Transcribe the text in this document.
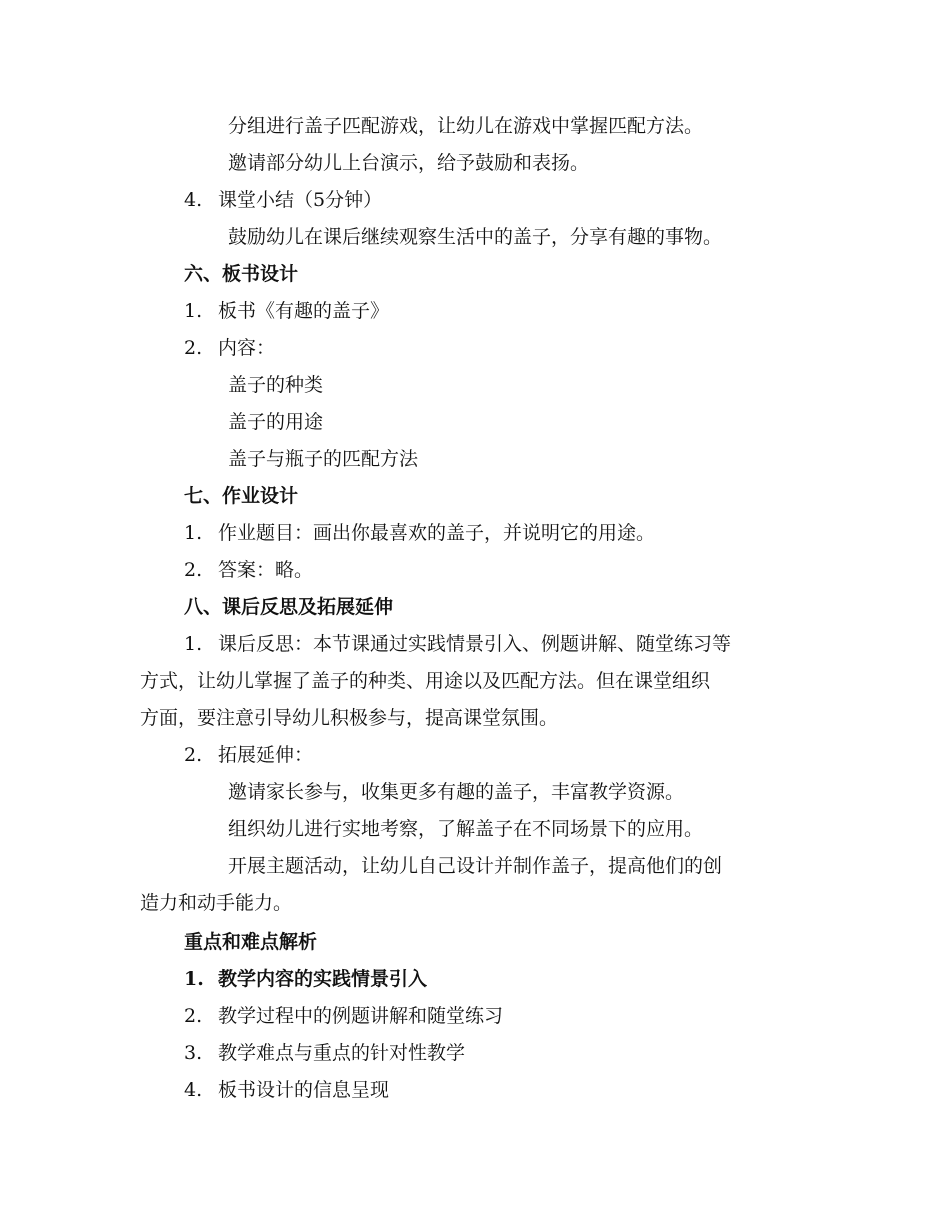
分组进行盖子匹配游戏，让幼儿在游戏中掌握匹配方法。
邀请部分幼儿上台演示，给予鼓励和表扬。
4. 课堂小结（5分钟）
鼓励幼儿在课后继续观察生活中的盖子，分享有趣的事物。
六、板书设计
1. 板书《有趣的盖子》
2. 内容：
盖子的种类
盖子的用途
盖子与瓶子的匹配方法
七、作业设计
1. 作业题目：画出你最喜欢的盖子，并说明它的用途。
2. 答案：略。
八、课后反思及拓展延伸
1. 课后反思：本节课通过实践情景引入、例题讲解、随堂练习等
方式，让幼儿掌握了盖子的种类、用途以及匹配方法。但在课堂组织
方面，要注意引导幼儿积极参与，提高课堂氛围。
2. 拓展延伸：
邀请家长参与，收集更多有趣的盖子，丰富教学资源。
组织幼儿进行实地考察，了解盖子在不同场景下的应用。
开展主题活动，让幼儿自己设计并制作盖子，提高他们的创
造力和动手能力。
重点和难点解析
1. 教学内容的实践情景引入
2. 教学过程中的例题讲解和随堂练习
3. 教学难点与重点的针对性教学
4. 板书设计的信息呈现
